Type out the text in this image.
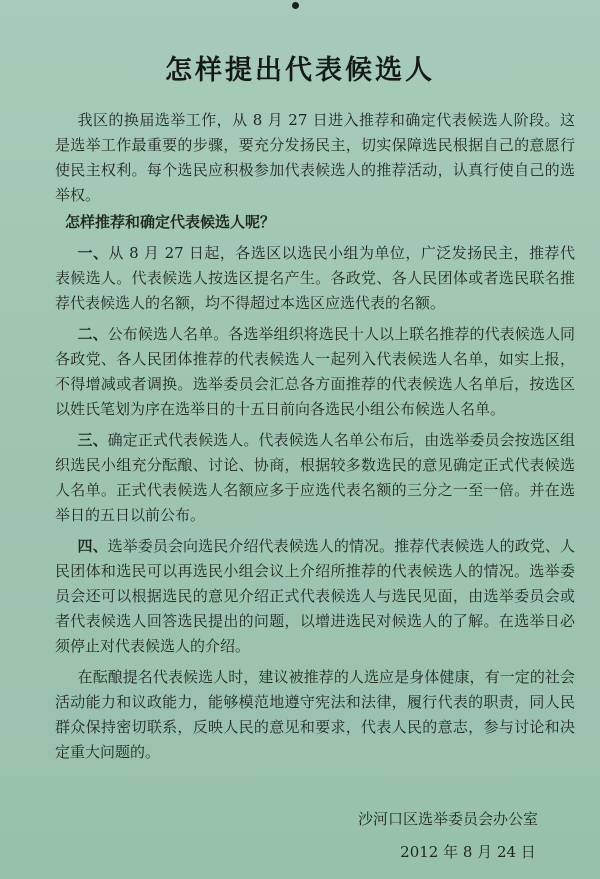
怎样提出代表候选人

我区的换届选举工作，从 8 月 27 日进入推荐和确定代表候选人阶段。这是选举工作最重要的步骤，要充分发扬民主，切实保障选民根据自己的意愿行使民主权利。每个选民应积极参加代表候选人的推荐活动，认真行使自己的选举权。

怎样推荐和确定代表候选人呢？

一、从 8 月 27 日起，各选区以选民小组为单位，广泛发扬民主，推荐代表候选人。代表候选人按选区提名产生。各政党、各人民团体或者选民联名推荐代表候选人的名额，均不得超过本选区应选代表的名额。

二、公布候选人名单。各选举组织将选民十人以上联名推荐的代表候选人同各政党、各人民团体推荐的代表候选人一起列入代表候选人名单，如实上报，不得增减或者调换。选举委员会汇总各方面推荐的代表候选人名单后，按选区以姓氏笔划为序在选举日的十五日前向各选民小组公布候选人名单。

三、确定正式代表候选人。代表候选人名单公布后，由选举委员会按选区组织选民小组充分酝酿、讨论、协商，根据较多数选民的意见确定正式代表候选人名单。正式代表候选人名额应多于应选代表名额的三分之一至一倍。并在选举日的五日以前公布。

四、选举委员会向选民介绍代表候选人的情况。推荐代表候选人的政党、人民团体和选民可以再选民小组会议上介绍所推荐的代表候选人的情况。选举委员会还可以根据选民的意见介绍正式代表候选人与选民见面，由选举委员会或者代表候选人回答选民提出的问题，以增进选民对候选人的了解。在选举日必须停止对代表候选人的介绍。

在酝酿提名代表候选人时，建议被推荐的人选应是身体健康，有一定的社会活动能力和议政能力，能够模范地遵守宪法和法律，履行代表的职责，同人民群众保持密切联系，反映人民的意见和要求，代表人民的意志，参与讨论和决定重大问题的。

沙河口区选举委员会办公室
2012 年 8 月 24 日
